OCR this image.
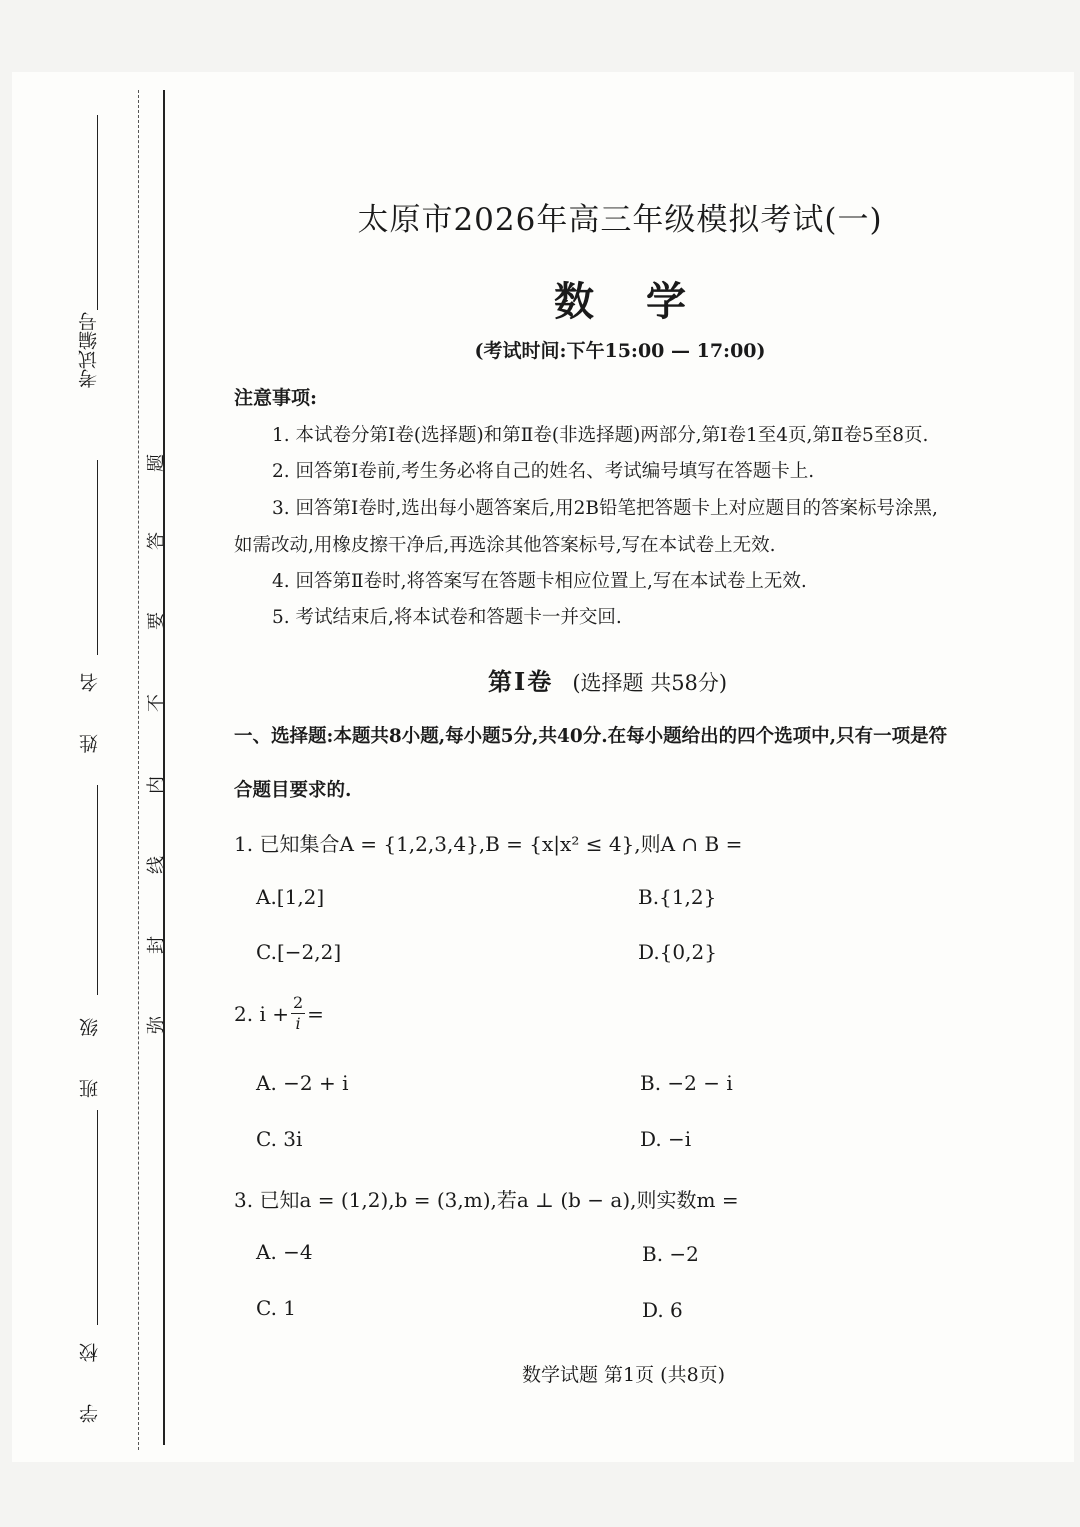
考试编号
姓 名
班 级
学 校
题
答
要
不
内
线
封
弥
太原市2026年高三年级模拟考试(一)
数学
(考试时间:下午15:00 — 17:00)
注意事项:
1. 本试卷分第Ⅰ卷(选择题)和第Ⅱ卷(非选择题)两部分,第Ⅰ卷1至4页,第Ⅱ卷5至8页.
2. 回答第Ⅰ卷前,考生务必将自己的姓名、考试编号填写在答题卡上.
3. 回答第Ⅰ卷时,选出每小题答案后,用2B铅笔把答题卡上对应题目的答案标号涂黑,
如需改动,用橡皮擦干净后,再选涂其他答案标号,写在本试卷上无效.
4. 回答第Ⅱ卷时,将答案写在答题卡相应位置上,写在本试卷上无效.
5. 考试结束后,将本试卷和答题卡一并交回.
第Ⅰ卷 (选择题 共58分)
一、选择题:本题共8小题,每小题5分,共40分.在每小题给出的四个选项中,只有一项是符
合题目要求的.
1. 已知集合A = {1,2,3,4},B = {x|x² ≤ 4},则A ∩ B =
A.[1,2]	B.{1,2}
C.[−2,2]	D.{0,2}
2. $i + \frac{2}{i}$ =
A. −2 + i	B. −2 − i
C. 3i	D. −i
3. 已知a = (1,2),b = (3,m),若a ⊥ (b − a),则实数m =
A. −4	B. −2
C. 1	D. 6
数学试题 第1页 (共8页)
